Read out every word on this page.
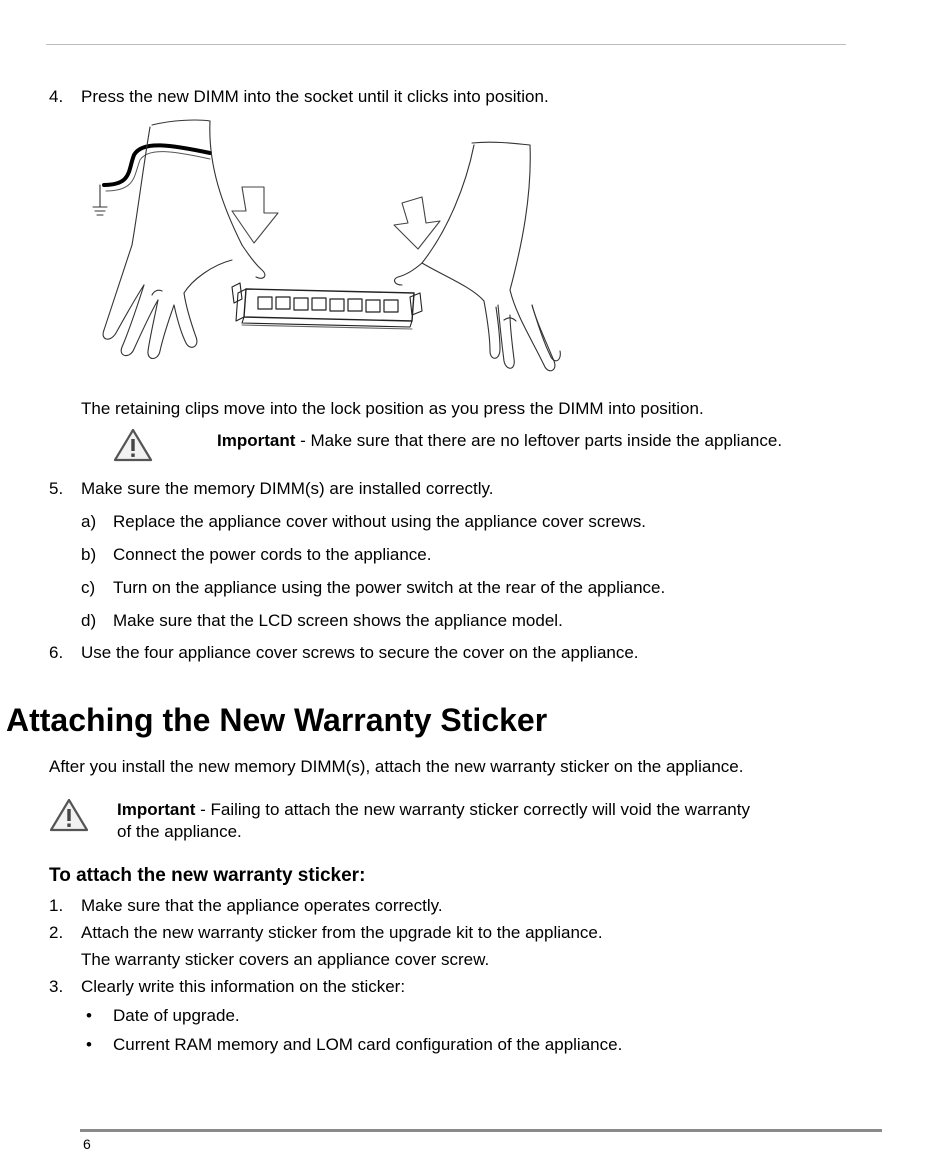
4. Press the new DIMM into the socket until it clicks into position.
The retaining clips move into the lock position as you press the DIMM into position.
Important - Make sure that there are no leftover parts inside the appliance.
5. Make sure the memory DIMM(s) are installed correctly.
a) Replace the appliance cover without using the appliance cover screws.
b) Connect the power cords to the appliance.
c) Turn on the appliance using the power switch at the rear of the appliance.
d) Make sure that the LCD screen shows the appliance model.
6. Use the four appliance cover screws to secure the cover on the appliance.
Attaching the New Warranty Sticker
After you install the new memory DIMM(s), attach the new warranty sticker on the appliance.
Important - Failing to attach the new warranty sticker correctly will void the warranty
of the appliance.
To attach the new warranty sticker:
1. Make sure that the appliance operates correctly.
2. Attach the new warranty sticker from the upgrade kit to the appliance.
The warranty sticker covers an appliance cover screw.
3. Clearly write this information on the sticker:
• Date of upgrade.
• Current RAM memory and LOM card configuration of the appliance.
6
